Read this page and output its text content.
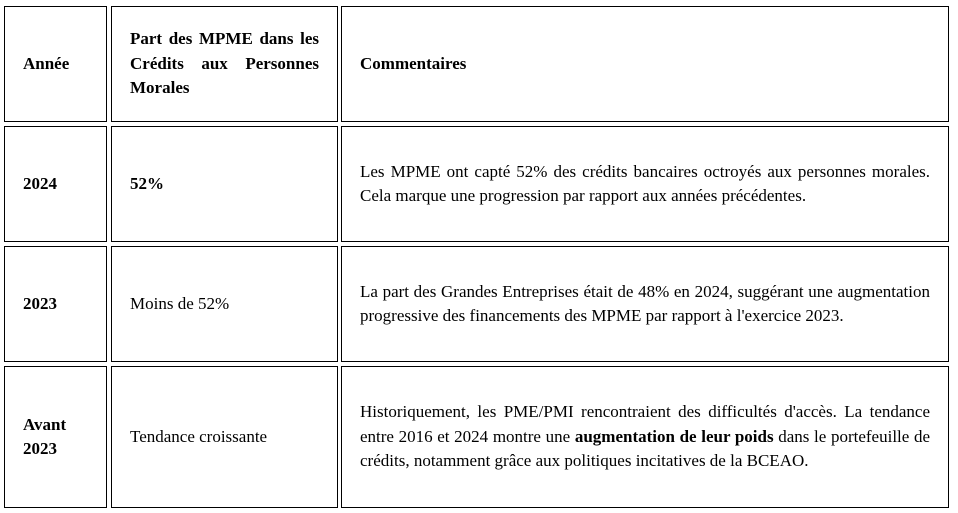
Année
Part des MPME dans les Crédits aux Personnes Morales
Commentaires
2024	52%
Les MPME ont capté 52% des crédits bancaires octroyés aux personnes morales. Cela marque une progression par rapport aux années précédentes.
2023	Moins de 52%
La part des Grandes Entreprises était de 48% en 2024, suggérant une augmentation progressive des financements des MPME par rapport à l'exercice 2023.
Avant 2023
Tendance croissante
Historiquement, les PME/PMI rencontraient des difficultés d'accès. La tendance entre 2016 et 2024 montre une augmentation de leur poids dans le portefeuille de crédits, notamment grâce aux politiques incitatives de la BCEAO.
